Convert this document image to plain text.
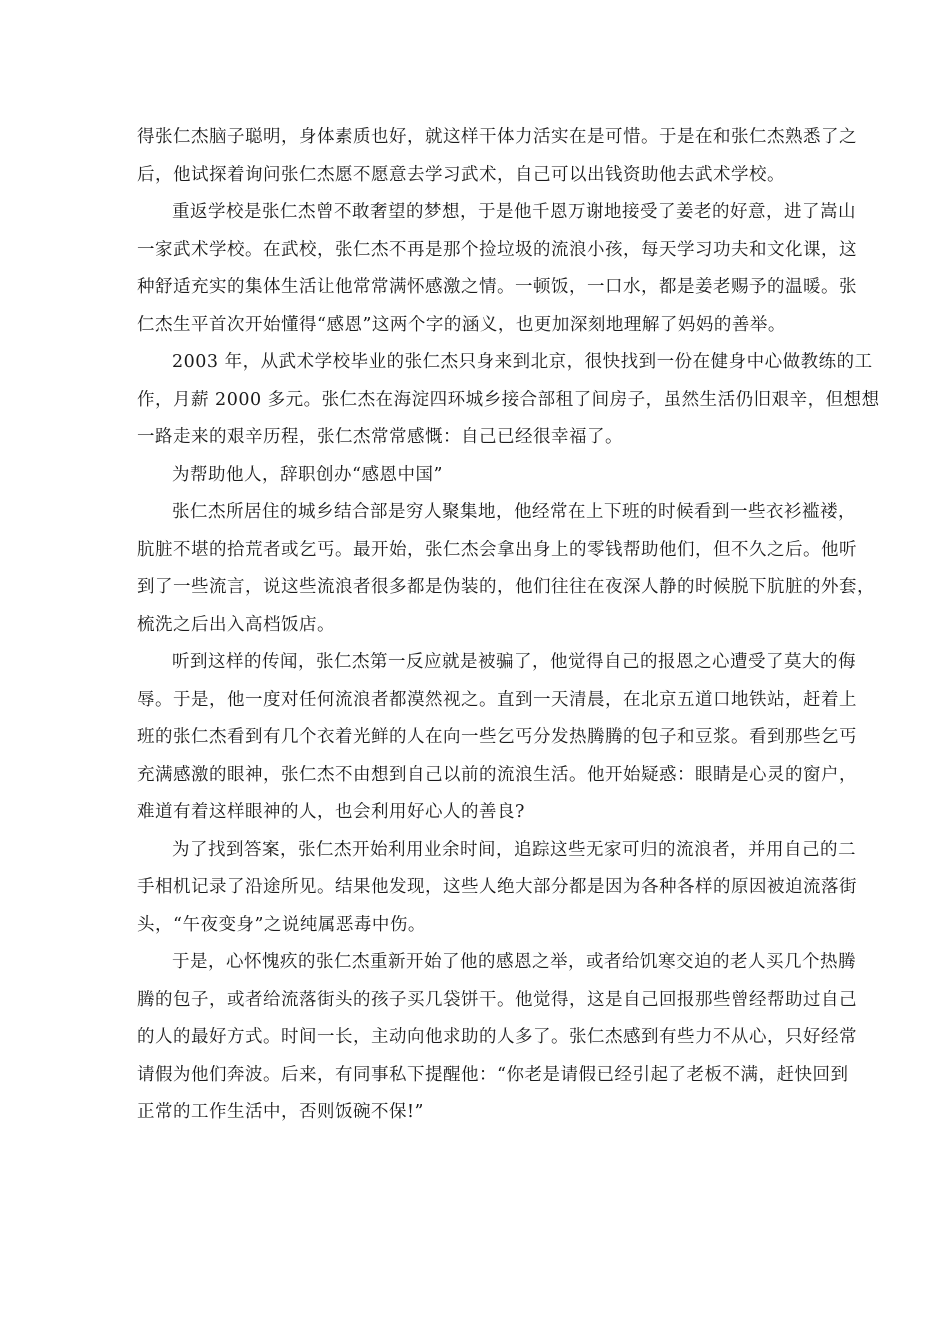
得张仁杰脑子聪明，身体素质也好，就这样干体力活实在是可惜。于是在和张仁杰熟悉了之
后，他试探着询问张仁杰愿不愿意去学习武术，自己可以出钱资助他去武术学校。
重返学校是张仁杰曾不敢奢望的梦想，于是他千恩万谢地接受了姜老的好意，进了嵩山
一家武术学校。在武校，张仁杰不再是那个捡垃圾的流浪小孩，每天学习功夫和文化课，这
种舒适充实的集体生活让他常常满怀感激之情。一顿饭，一口水，都是姜老赐予的温暖。张
仁杰生平首次开始懂得“感恩”这两个字的涵义，也更加深刻地理解了妈妈的善举。
2003 年，从武术学校毕业的张仁杰只身来到北京，很快找到一份在健身中心做教练的工
作，月薪 2000 多元。张仁杰在海淀四环城乡接合部租了间房子，虽然生活仍旧艰辛，但想想
一路走来的艰辛历程，张仁杰常常感慨：自己已经很幸福了。
为帮助他人，辞职创办“感恩中国”
张仁杰所居住的城乡结合部是穷人聚集地，他经常在上下班的时候看到一些衣衫褴褛，
肮脏不堪的拾荒者或乞丐。最开始，张仁杰会拿出身上的零钱帮助他们，但不久之后。他听
到了一些流言，说这些流浪者很多都是伪装的，他们往往在夜深人静的时候脱下肮脏的外套，
梳洗之后出入高档饭店。
听到这样的传闻，张仁杰第一反应就是被骗了，他觉得自己的报恩之心遭受了莫大的侮
辱。于是，他一度对任何流浪者都漠然视之。直到一天清晨，在北京五道口地铁站，赶着上
班的张仁杰看到有几个衣着光鲜的人在向一些乞丐分发热腾腾的包子和豆浆。看到那些乞丐
充满感激的眼神，张仁杰不由想到自己以前的流浪生活。他开始疑惑：眼睛是心灵的窗户，
难道有着这样眼神的人，也会利用好心人的善良?
为了找到答案，张仁杰开始利用业余时间，追踪这些无家可归的流浪者，并用自己的二
手相机记录了沿途所见。结果他发现，这些人绝大部分都是因为各种各样的原因被迫流落街
头，“午夜变身”之说纯属恶毒中伤。
于是，心怀愧疚的张仁杰重新开始了他的感恩之举，或者给饥寒交迫的老人买几个热腾
腾的包子，或者给流落街头的孩子买几袋饼干。他觉得，这是自己回报那些曾经帮助过自己
的人的最好方式。时间一长，主动向他求助的人多了。张仁杰感到有些力不从心，只好经常
请假为他们奔波。后来，有同事私下提醒他：“你老是请假已经引起了老板不满，赶快回到
正常的工作生活中，否则饭碗不保!”
